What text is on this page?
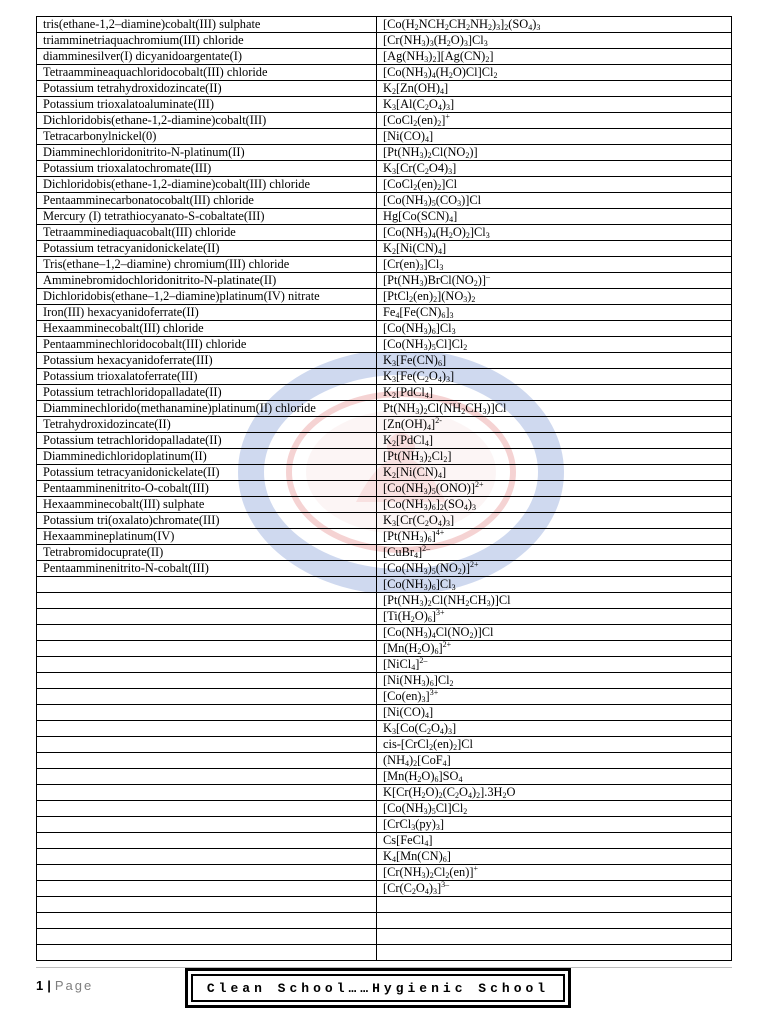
tris(ethane-1,2–diamine)cobalt(III) sulphate	$[Co(H_2NCH_2CH_2NH_2)_3]_2(SO_4)_3$
triamminetriaquachromium(III) chloride	$[Cr(NH_3)_3(H_2O)_3]Cl_3$
diamminesilver(I) dicyanidoargentate(I)	$[Ag(NH_3)_2][Ag(CN)_2]$
Tetraammineaquachloridocobalt(III) chloride	$[Co(NH_3)_4(H_2O)Cl]Cl_2$
Potassium tetrahydroxidozincate(II)	$K_2[Zn(OH)_4]$
Potassium trioxalatoaluminate(III)	$K_3[Al(C_2O_4)_3]$
Dichloridobis(ethane-1,2-diamine)cobalt(III)	$[CoCl_2(en)_2]^+$
Tetracarbonylnickel(0)	$[Ni(CO)_4]$
Diamminechloridonitrito-N-platinum(II)	$[Pt(NH_3)_2Cl(NO_2)]$
Potassium trioxalatochromate(III)	$K_3[Cr(C_2O4)_3]$
Dichloridobis(ethane-1,2-diamine)cobalt(III) chloride	$[CoCl_2(en)_2]Cl$
Pentaamminecarbonatocobalt(III) chloride	$[Co(NH_3)_5(CO_3)]Cl$
Mercury (I) tetrathiocyanato-S-cobaltate(III)	$Hg[Co(SCN)_4]$
Tetraamminediaquacobalt(III) chloride	$[Co(NH_3)_4(H_2O)_2]Cl_3$
Potassium tetracyanidonickelate(II)	$K_2[Ni(CN)_4]$
Tris(ethane–1,2–diamine) chromium(III) chloride	$[Cr(en)_3]Cl_3$
Amminebromidochloridonitrito-N-platinate(II)	$[Pt(NH_3)BrCl(NO_2)]^-$
Dichloridobis(ethane–1,2–diamine)platinum(IV) nitrate	$[PtCl_2(en)_2](NO_3)_2$
Iron(III) hexacyanidoferrate(II)	$Fe_4[Fe(CN)_6]_3$
Hexaamminecobalt(III) chloride	$[Co(NH_3)_6]Cl_3$
Pentaamminechloridocobalt(III) chloride	$[Co(NH_3)_5Cl]Cl_2$
Potassium hexacyanidoferrate(III)	$K_3[Fe(CN)_6]$
Potassium trioxalatoferrate(III)	$K_3[Fe(C_2O_4)_3]$
Potassium tetrachloridopalladate(II)	$K_2[PdCl_4]$
Diamminechlorido(methanamine)platinum(II) chloride	$Pt(NH_3)_2Cl(NH_2CH_3)]Cl$
Tetrahydroxidozincate(II)	$[Zn(OH)_4]^{2-}$
Potassium tetrachloridopalladate(II)	$K_2[PdCl_4]$
Diamminedichloridoplatinum(II)	$[Pt(NH_3)_2Cl_2]$
Potassium tetracyanidonickelate(II)	$K_2[Ni(CN)_4]$
Pentaamminenitrito-O-cobalt(III)	$[Co(NH_3)_5(ONO)]^{2+}$
Hexaamminecobalt(III) sulphate	$[Co(NH_3)_6]_2(SO_4)_3$
Potassium tri(oxalato)chromate(III)	$K_3[Cr(C_2O_4)_3]$
Hexaammineplatinum(IV)	$[Pt(NH_3)_6]^{4+}$
Tetrabromidocuprate(II)	[CuBr$_4$]$^{2-}$
Pentaamminenitrito-N-cobalt(III)	$[Co(NH_3)_5(NO_2)]^{2+}$
	$[Co(NH_3)_6]Cl_3$
	$[Pt(NH_3)_2Cl(NH_2CH_3)]Cl$
	$[Ti(H_2O)_6]^{3+}$
	$[Co(NH_3)_4Cl(NO_2)]Cl$
	$[Mn(H_2O)_6]^{2+}$
	[NiCl$_4$]$^{2-}$
	$[Ni(NH_3)_6]Cl_2$
	$[Co(en)_3]^{3+}$
	$[Ni(CO)_4]$
	$K_3[Co(C_2O_4)_3]$
	cis-$[CrCl_2(en)_2]Cl$
	$(NH_4)_2[CoF_4]$
	$[Mn(H_2O)_6]SO_4$
	$K[Cr(H_2O)_2(C_2O_4)_2].3H_2O$
	$[Co(NH_3)_5Cl]Cl_2$
	$[CrCl_3(py)_3]$
	Cs[FeCl$_4$]
	$K_4[Mn(CN)_6]$
	$[Cr(NH_3)_2Cl_2(en)]^+$
	$[Cr(C_2O_4)_3]^{3-}$

1 | Page	Clean School……Hygienic School
